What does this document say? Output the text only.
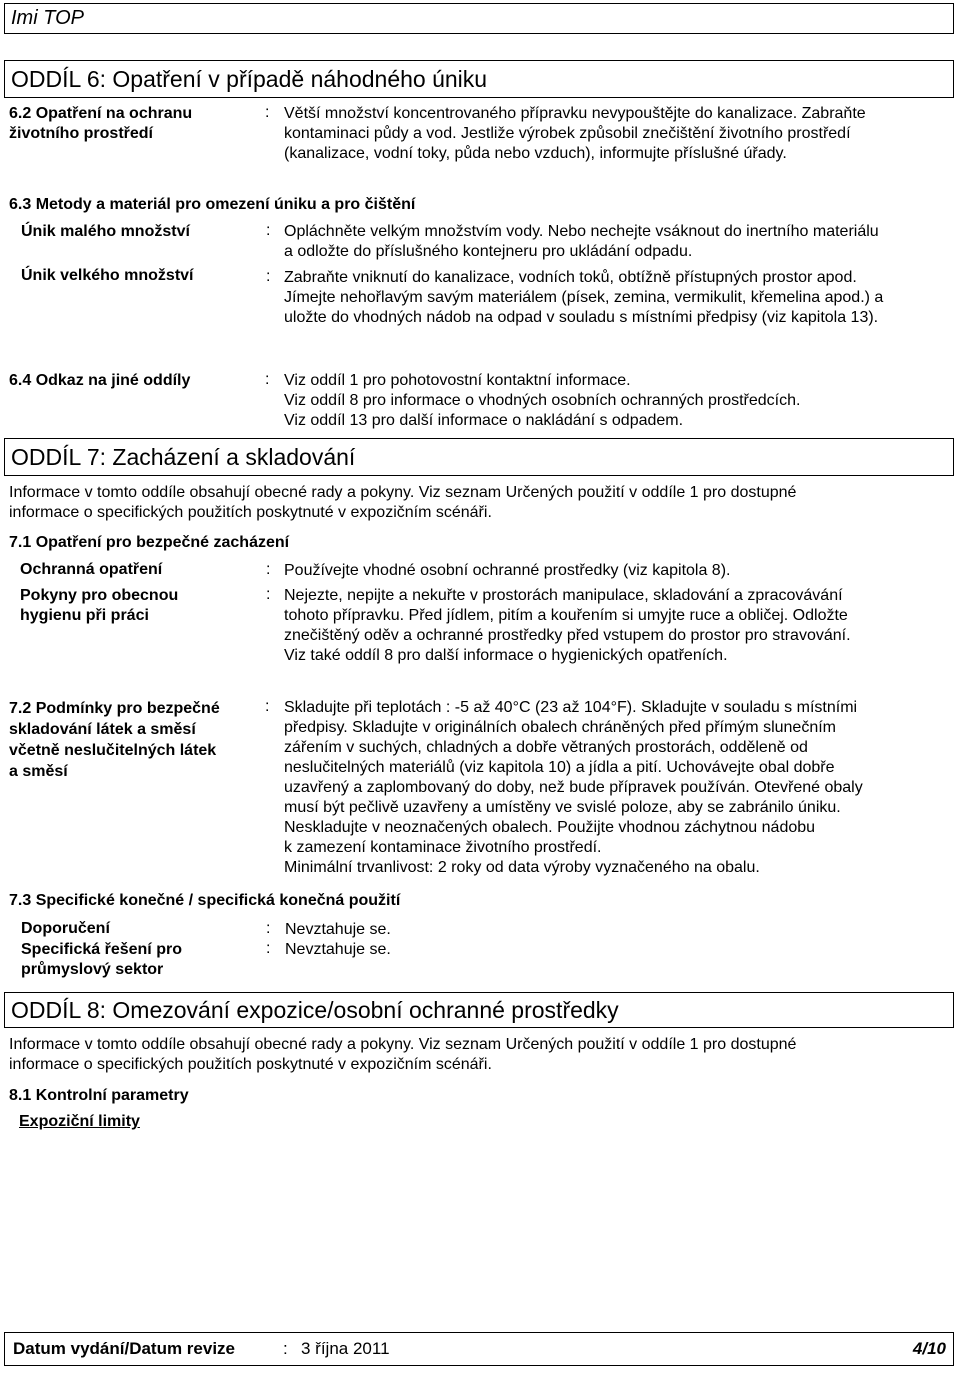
Imi TOP
ODDÍL 6: Opatření v případě náhodného úniku
6.2 Opatření na ochranu
životního prostředí
: Větší množství koncentrovaného přípravku nevypouštějte do kanalizace. Zabraňte
kontaminaci půdy a vod. Jestliže výrobek způsobil znečištění životního prostředí
(kanalizace, vodní toky, půda nebo vzduch), informujte příslušné úřady.
6.3 Metody a materiál pro omezení úniku a pro čištění
Únik malého množství	: Opláchněte velkým množstvím vody. Nebo nechejte vsáknout do inertního materiálu
a odložte do příslušného kontejneru pro ukládání odpadu.
Únik velkého množství	: Zabraňte vniknutí do kanalizace, vodních toků, obtížně přístupných prostor apod.
Jímejte nehořlavým savým materiálem (písek, zemina, vermikulit, křemelina apod.) a
uložte do vhodných nádob na odpad v souladu s místními předpisy (viz kapitola 13).
6.4 Odkaz na jiné oddíly	: Viz oddíl 1 pro pohotovostní kontaktní informace.
Viz oddíl 8 pro informace o vhodných osobních ochranných prostředcích.
Viz oddíl 13 pro další informace o nakládání s odpadem.
ODDÍL 7: Zacházení a skladování
Informace v tomto oddíle obsahují obecné rady a pokyny. Viz seznam Určených použití v oddíle 1 pro dostupné
informace o specifických použitích poskytnuté v expozičním scénáři.
7.1 Opatření pro bezpečné zacházení
Ochranná opatření	: Používejte vhodné osobní ochranné prostředky (viz kapitola 8).
Pokyny pro obecnou
hygienu při práci
: Nejezte, nepijte a nekuřte v prostorách manipulace, skladování a zpracovávání
tohoto přípravku. Před jídlem, pitím a kouřením si umyjte ruce a obličej. Odložte
znečištěný oděv a ochranné prostředky před vstupem do prostor pro stravování.
Viz také oddíl 8 pro další informace o hygienických opatřeních.
7.2 Podmínky pro bezpečné
skladování látek a směsí
včetně neslučitelných látek
a směsí
: Skladujte při teplotách : -5 až 40°C (23 až 104°F). Skladujte v souladu s místními
předpisy. Skladujte v originálních obalech chráněných před přímým slunečním
zářením v suchých, chladných a dobře větraných prostorách, odděleně od
neslučitelných materiálů (viz kapitola 10) a jídla a pití. Uchovávejte obal dobře
uzavřený a zaplombovaný do doby, než bude přípravek používán. Otevřené obaly
musí být pečlivě uzavřeny a umístěny ve svislé poloze, aby se zabránilo úniku.
Neskladujte v neoznačených obalech. Použijte vhodnou záchytnou nádobu
k zamezení kontaminace životního prostředí.
Minimální trvanlivost: 2 roky od data výroby vyznačeného na obalu.
7.3 Specifické konečné / specifická konečná použití
Doporučení	: Nevztahuje se.
Specifická řešení pro
průmyslový sektor
: Nevztahuje se.
ODDÍL 8: Omezování expozice/osobní ochranné prostředky
Informace v tomto oddíle obsahují obecné rady a pokyny. Viz seznam Určených použití v oddíle 1 pro dostupné
informace o specifických použitích poskytnuté v expozičním scénáři.
8.1 Kontrolní parametry
Expoziční limity
Datum vydání/Datum revize	: 3 října 2011	4/10
